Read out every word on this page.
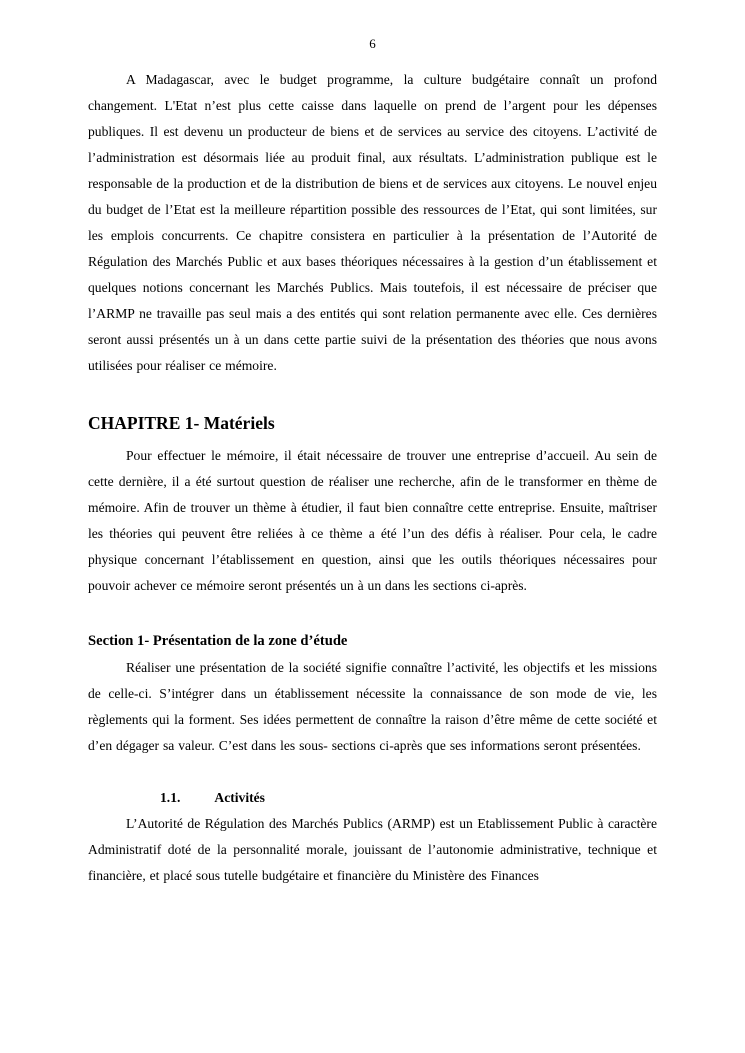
6

A Madagascar, avec le budget programme, la culture budgétaire connaît un profond changement. L'Etat n’est plus cette caisse dans laquelle on prend de l’argent pour les dépenses publiques. Il est devenu un producteur de biens et de services au service des citoyens. L’activité de l’administration est désormais liée au produit final, aux résultats. L’administration publique est le responsable de la production et de la distribution de biens et de services aux citoyens. Le nouvel enjeu du budget de l’Etat est la meilleure répartition possible des ressources de l’Etat, qui sont limitées, sur les emplois concurrents. Ce chapitre consistera en particulier à la présentation de l’Autorité de Régulation des Marchés Public et aux bases théoriques nécessaires à la gestion d’un établissement et quelques notions concernant les Marchés Publics. Mais toutefois, il est nécessaire de préciser que l’ARMP ne travaille pas seul mais a des entités qui sont relation permanente avec elle. Ces dernières seront aussi présentés un à un dans cette partie suivi de la présentation des théories que nous avons utilisées pour réaliser ce mémoire.

CHAPITRE 1- Matériels

Pour effectuer le mémoire, il était nécessaire de trouver une entreprise d’accueil. Au sein de cette dernière, il a été surtout question de réaliser une recherche, afin de le transformer en thème de mémoire. Afin de trouver un thème à étudier, il faut bien connaître cette entreprise. Ensuite, maîtriser les théories qui peuvent être reliées à ce thème a été l’un des défis à réaliser. Pour cela, le cadre physique concernant l’établissement en question, ainsi que les outils théoriques nécessaires pour pouvoir achever ce mémoire seront présentés un à un dans les sections ci-après.

Section 1- Présentation de la zone d’étude

Réaliser une présentation de la société signifie connaître l’activité, les objectifs et les missions de celle-ci. S’intégrer dans un établissement nécessite la connaissance de son mode de vie, les règlements qui la forment. Ses idées permettent de connaître la raison d’être même de cette société et d’en dégager sa valeur. C’est dans les sous- sections ci-après que ses informations seront présentées.

1.1.	Activités

L’Autorité de Régulation des Marchés Publics (ARMP) est un Etablissement Public à caractère Administratif doté de la personnalité morale, jouissant de l’autonomie administrative, technique et financière, et placé sous tutelle budgétaire et financière du Ministère des Finances
